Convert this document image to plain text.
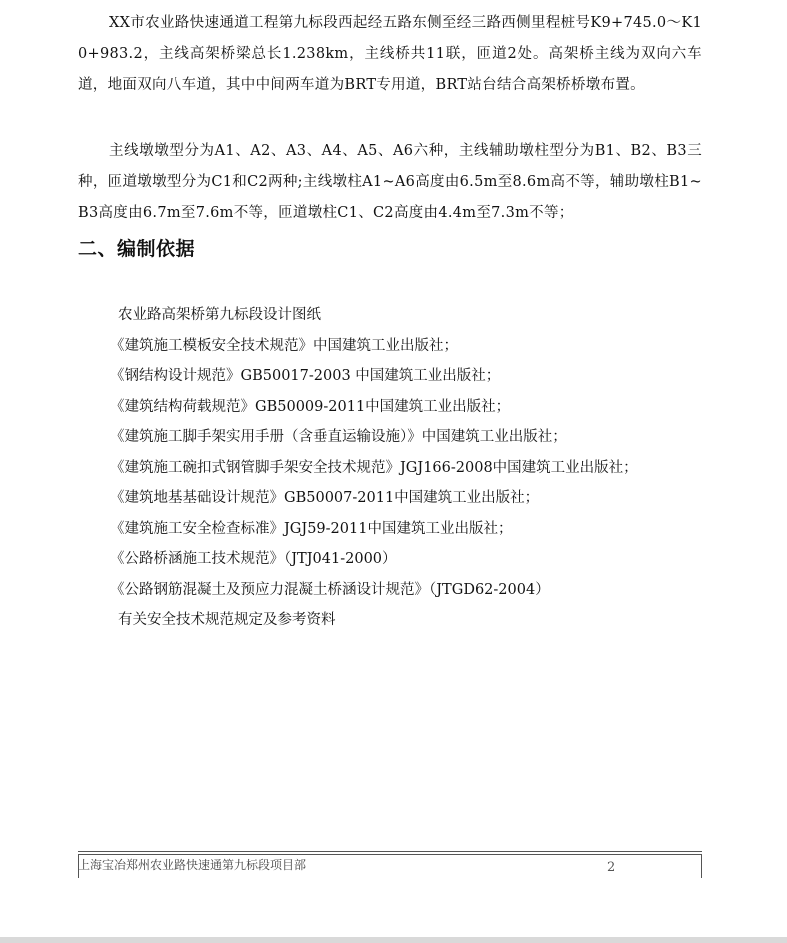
XX市农业路快速通道工程第九标段西起经五路东侧至经三路西侧里程桩号K9+745.0～K10+983.2，主线高架桥梁总长1.238km，主线桥共11联，匝道2处。高架桥主线为双向六车道，地面双向八车道，其中中间两车道为BRT专用道，BRT站台结合高架桥桥墩布置。

主线墩墩型分为A1、A2、A3、A4、A5、A6六种，主线辅助墩柱型分为B1、B2、B3三种，匝道墩墩型分为C1和C2两种;主线墩柱A1~A6高度由6.5m至8.6m高不等，辅助墩柱B1~B3高度由6.7m至7.6m不等，匝道墩柱C1、C2高度由4.4m至7.3m不等；

二、编制依据
农业路高架桥第九标段设计图纸
《建筑施工模板安全技术规范》中国建筑工业出版社；
《钢结构设计规范》GB50017-2003 中国建筑工业出版社；
《建筑结构荷载规范》GB50009-2011中国建筑工业出版社；
《建筑施工脚手架实用手册（含垂直运输设施）》中国建筑工业出版社；
《建筑施工碗扣式钢管脚手架安全技术规范》JGJ166-2008中国建筑工业出版社；
《建筑地基基础设计规范》GB50007-2011中国建筑工业出版社；
《建筑施工安全检查标准》JGJ59-2011中国建筑工业出版社；
《公路桥涵施工技术规范》（JTJ041-2000）
《公路钢筋混凝土及预应力混凝土桥涵设计规范》（JTGD62-2004）
有关安全技术规范规定及参考资料
上海宝冶郑州农业路快速通第九标段项目部	2
